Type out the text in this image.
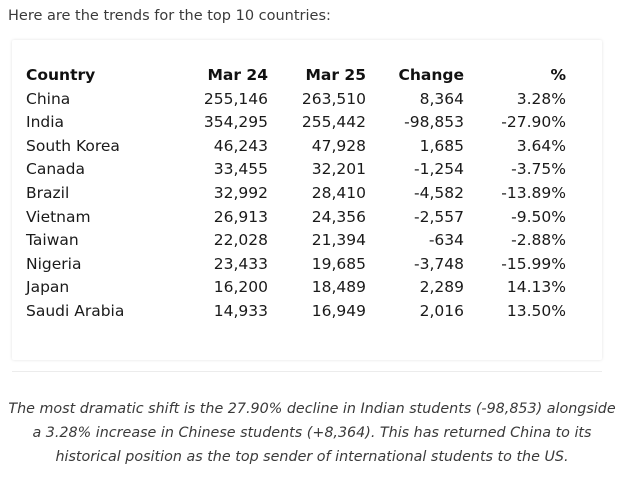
Here are the trends for the top 10 countries:

Country	Mar 24	Mar 25	Change	%
China	255,146	263,510	8,364	3.28%
India	354,295	255,442	-98,853	-27.90%
South Korea	46,243	47,928	1,685	3.64%
Canada	33,455	32,201	-1,254	-3.75%
Brazil	32,992	28,410	-4,582	-13.89%
Vietnam	26,913	24,356	-2,557	-9.50%
Taiwan	22,028	21,394	-634	-2.88%
Nigeria	23,433	19,685	-3,748	-15.99%
Japan	16,200	18,489	2,289	14.13%
Saudi Arabia	14,933	16,949	2,016	13.50%

The most dramatic shift is the 27.90% decline in Indian students (-98,853) alongside
a 3.28% increase in Chinese students (+8,364). This has returned China to its
historical position as the top sender of international students to the US.
